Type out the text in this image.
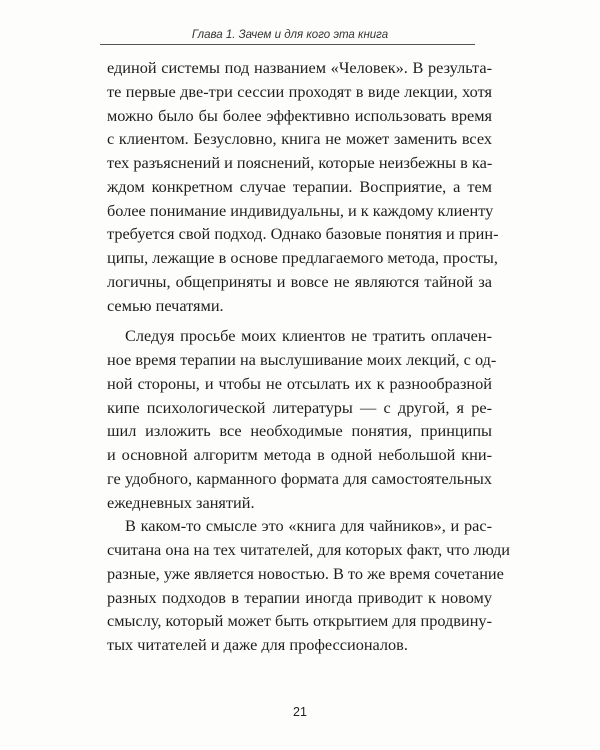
Глава 1. Зачем и для кого эта книга
единой системы под названием «Человек». В результа-
те первые две-три сессии проходят в виде лекции, хотя
можно было бы более эффективно использовать время
с клиентом. Безусловно, книга не может заменить всех
тех разъяснений и пояснений, которые неизбежны в ка-
ждом конкретном случае терапии. Восприятие, а тем
более понимание индивидуальны, и к каждому клиенту
требуется свой подход. Однако базовые понятия и прин-
ципы, лежащие в основе предлагаемого метода, просты,
логичны, общеприняты и вовсе не являются тайной за
семью печатями.
Следуя просьбе моих клиентов не тратить оплачен-
ное время терапии на выслушивание моих лекций, с од-
ной стороны, и чтобы не отсылать их к разнообразной
кипе психологической литературы — с другой, я ре-
шил изложить все необходимые понятия, принципы
и основной алгоритм метода в одной небольшой кни-
ге удобного, карманного формата для самостоятельных
ежедневных занятий.
В каком-то смысле это «книга для чайников», и рас-
считана она на тех читателей, для которых факт, что люди
разные, уже является новостью. В то же время сочетание
разных подходов в терапии иногда приводит к новому
смыслу, который может быть открытием для продвину-
тых читателей и даже для профессионалов.
21
